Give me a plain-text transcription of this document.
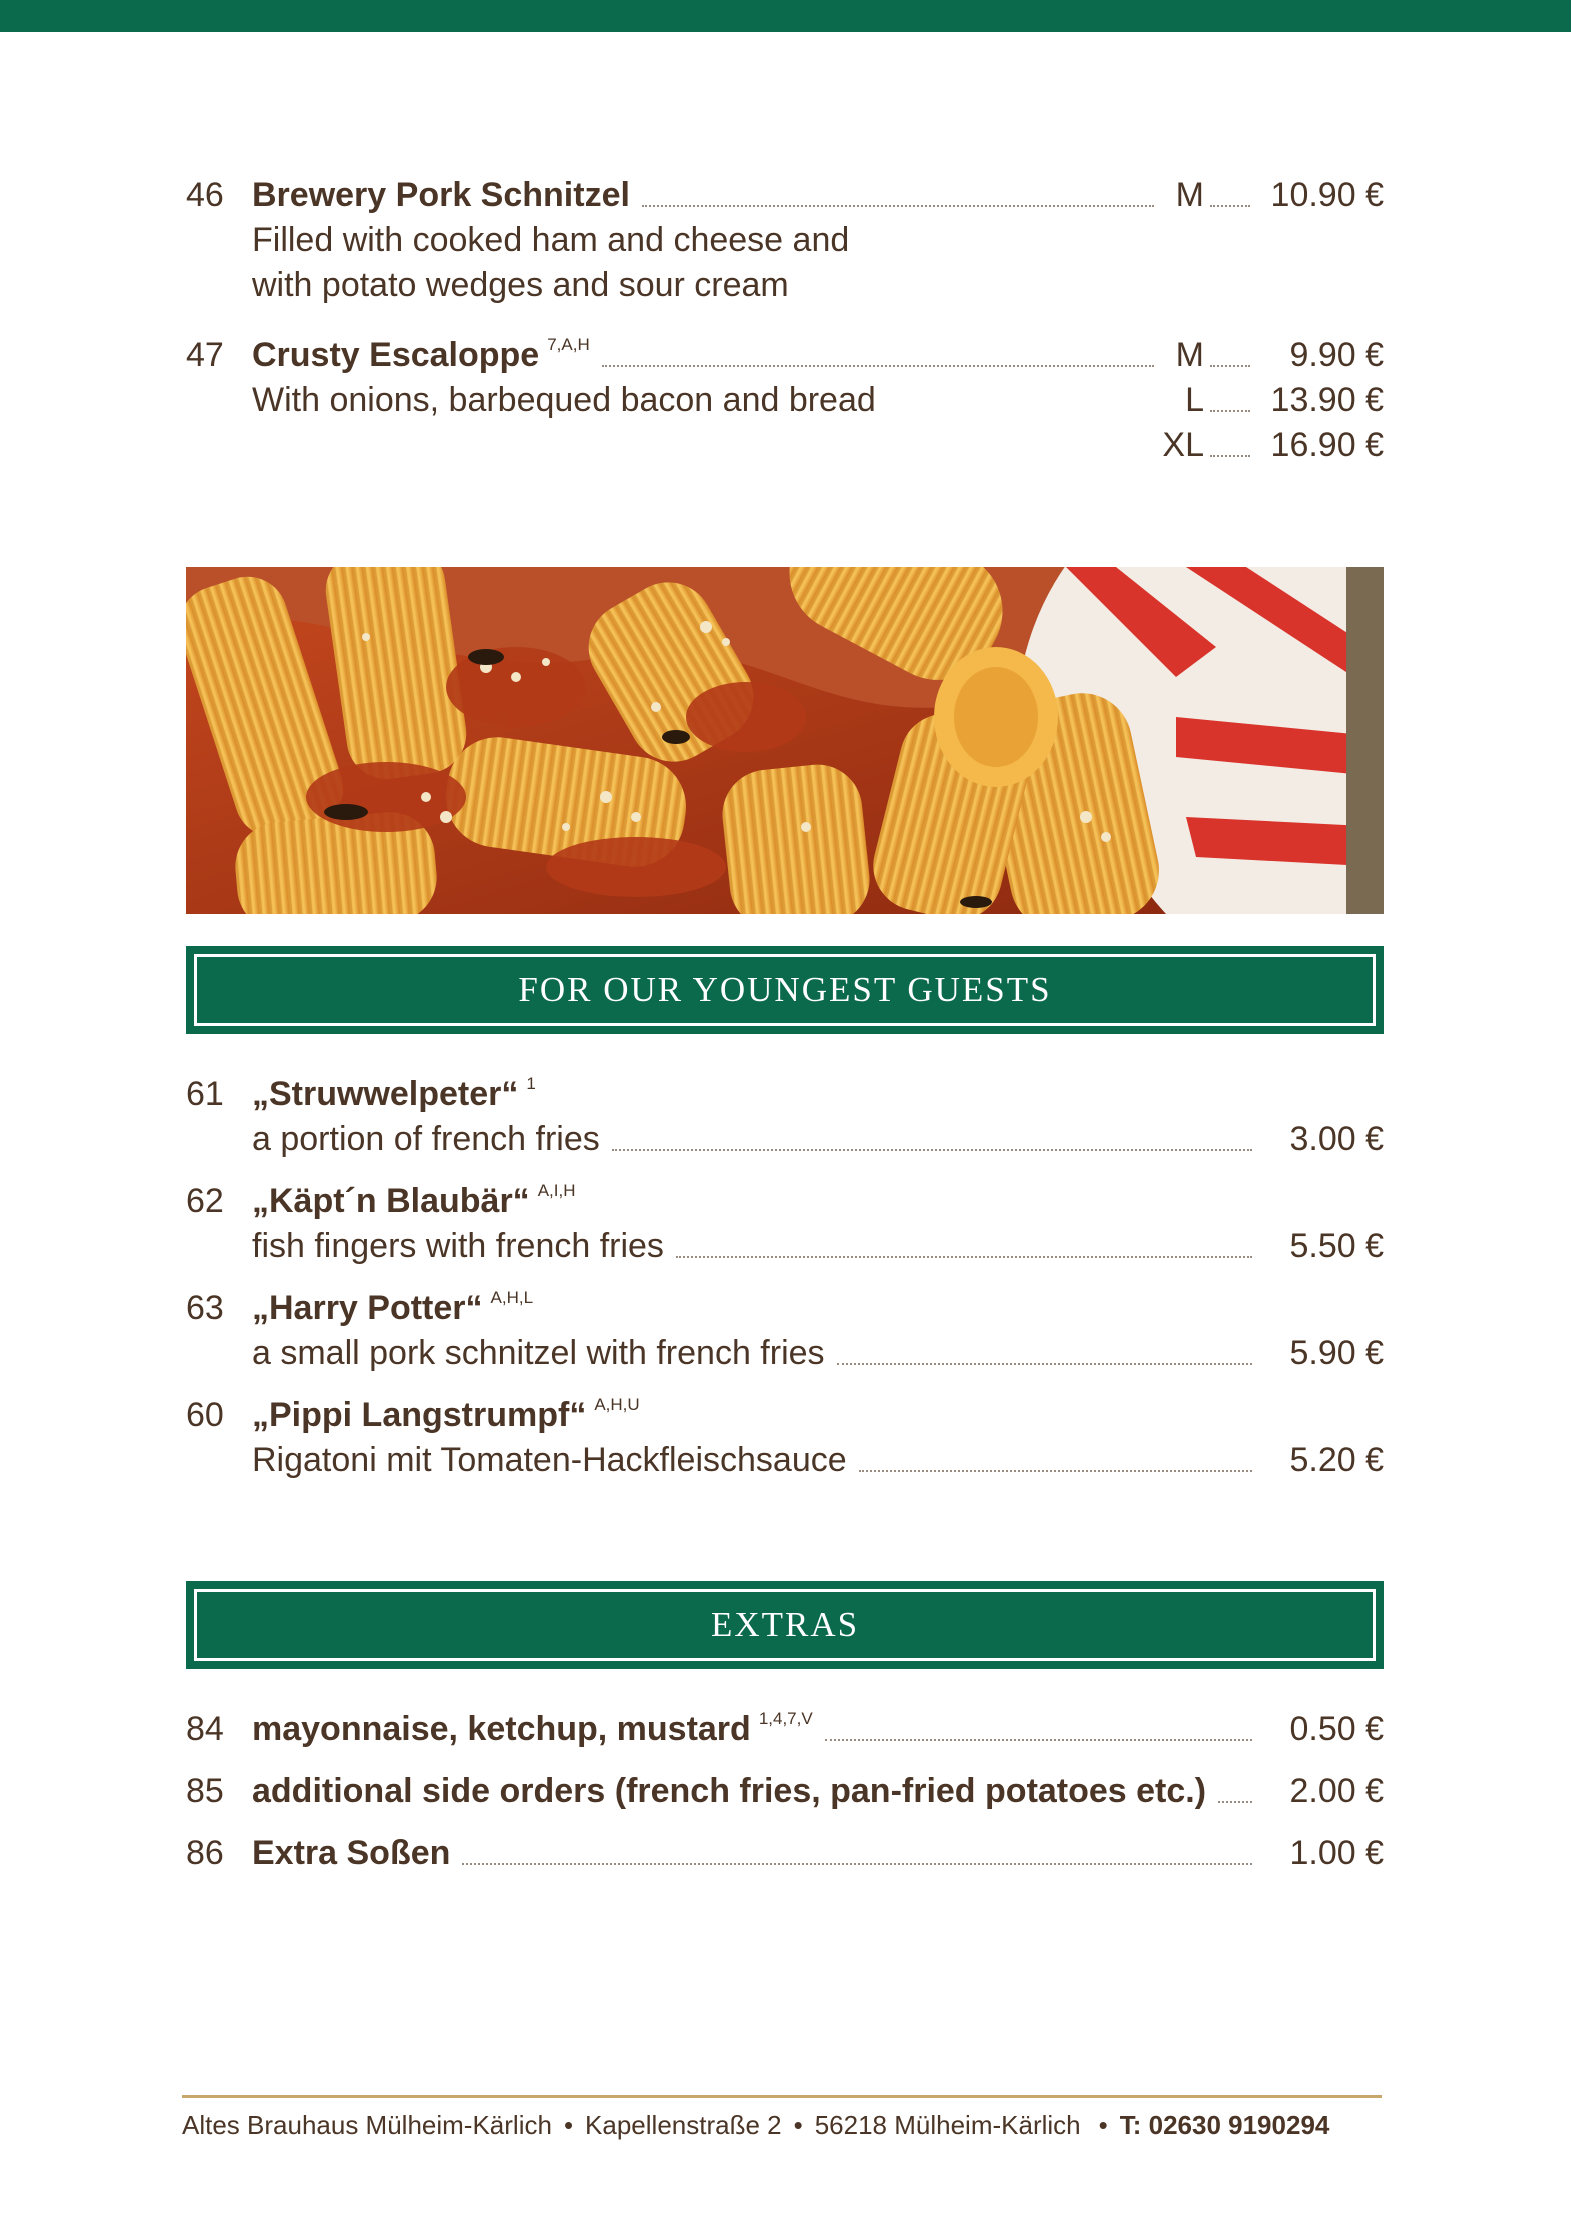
46 Brewery Pork Schnitzel	M	10.90 €
Filled with cooked ham and cheese and
with potato wedges and sour cream
47 Crusty Escaloppe $^{7,A,H}$	M	9.90 €
With onions, barbequed bacon and bread	L	13.90 €
XL	16.90 €
FOR OUR YOUNGEST GUESTS
61 „Struwwelpeter“ $^1$
a portion of french fries	3.00 €
62 „Käpt´n Blaubär“ $^{A,I,H}$
fish fingers with french fries	5.50 €
63 „Harry Potter“ $^{A,H,L}$
a small pork schnitzel with french fries	5.90 €
60 „Pippi Langstrumpf“ $^{A,H,U}$
Rigatoni mit Tomaten-Hackfleischsauce	5.20 €
EXTRAS
84 mayonnaise, ketchup, mustard $^{1,4,7,V}$	0.50 €
85 additional side orders (french fries, pan-fried potatoes etc.)	2.00 €
86 Extra Soßen	1.00 €
Altes Brauhaus Mülheim-Kärlich • Kapellenstraße 2 • 56218 Mülheim-Kärlich • T: 02630 9190294
